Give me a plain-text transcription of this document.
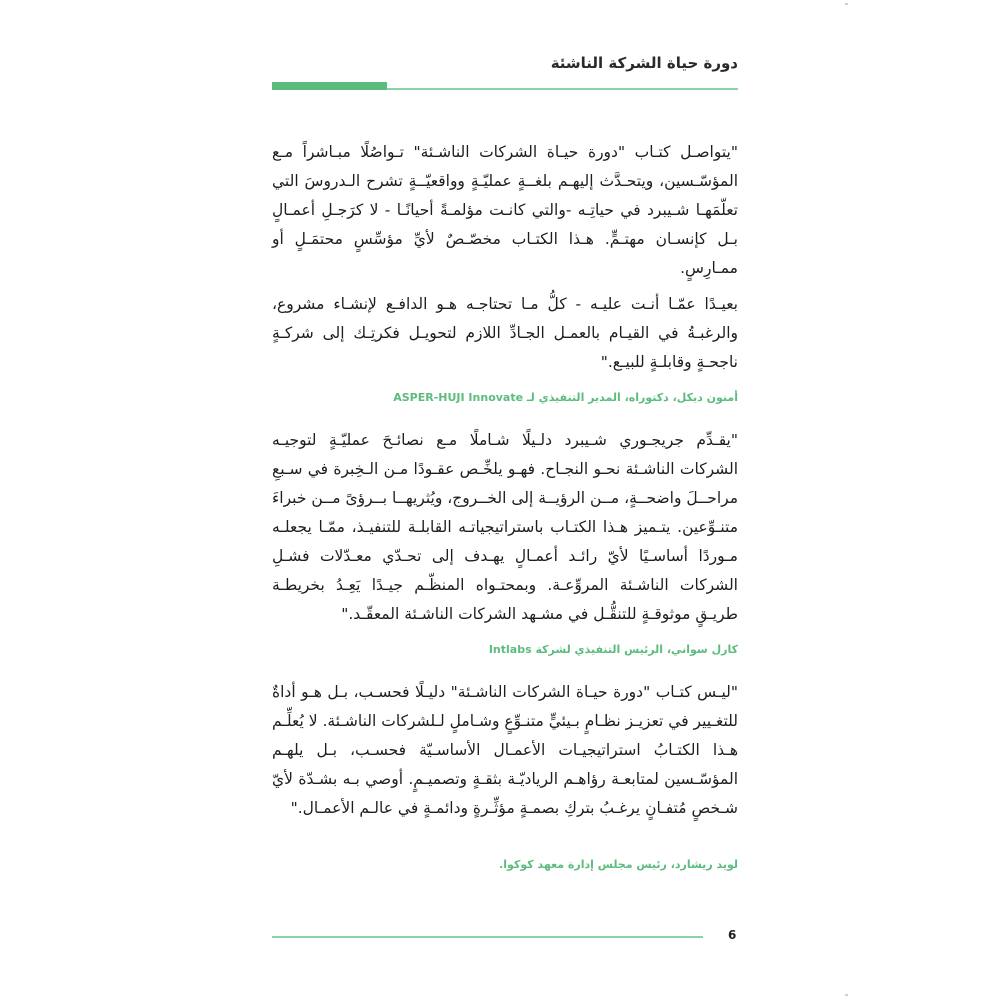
دورة حياة الشركة الناشئة

"يتواصـل كتـاب "دورة حيـاة الشركات الناشـئة" تـواصُلًا مبـاشراً مـع المؤسّـسين، ويتحـدَّث إليهـم بلغــةٍ عمليّـةٍ وواقعيّــةٍ تشرح الـدروسَ التي تعلّمَهـا شـيبرد في حياتِـه -والتي كانـت مؤلمـةً أحيانًـا - لا كرَجـلِ أعمـالٍ بـل كإنسـان مهتـمٍّ. هـذا الكتـاب مخصّـصٌ لأيِّ مؤسِّسٍ محتمَـلٍ أو ممـارِسٍ.

بعيـدًا عمّـا أنـت عليـه - كلُّ مـا تحتاجـه هـو الدافـع لإنشـاء مشروع، والرغبـةُ في القيـام بالعمـل الجـادِّ اللازم لتحويـل فكرتِـك إلى شركـةٍ ناجحـةٍ وقابلـةٍ للبيـع."

أمنون ديكل، دكتوراه، المدير التنفيذي لـ ASPER-HUJI Innovate

"يقـدِّم جريجـوري شـيبرد دلـيلًا شـاملًا مـع نصائـحَ عمليّـةٍ لتوجيـه الشركات الناشـئة نحـو النجـاح. فهـو يلخِّـص عقـودًا مـن الـخِبرة في سـبعِ مراحــلَ واضحــةٍ، مــن الرؤيــة إلى الخــروج، ويُثريهــا بــرؤىً مــن خبراءَ متنـوِّعين. يتـميز هـذا الكتـاب باستراتيجياتـه القابلـة للتنفيـذ، ممّـا يجعلـه مـوردًا أساسـيًا لأيّ رائـد أعمـالٍ يهـدف إلى تحـدّي معـدّلات فشـلِ الشركات الناشـئة المروِّعـة. وبمحتـواه المنظّـم جيـدًا يَعِـدُ بخريطـة طريـقٍ موثوقـةٍ للتنقُّـل في مشـهد الشركات الناشـئة المعقّـد."

كارل سواني، الرئيس التنفيذي لشركة Intlabs

"ليـس كتـاب "دورة حيـاة الشركات الناشـئة" دليـلًا فحسـب، بـل هـو أداةٌ للتغـيير في تعزيـز نظـامٍ بـيئيٍّ متنـوِّعٍ وشـاملٍ لـلشركات الناشـئة. لا يُعلِّـم هـذا الكتـابُ استراتيجيـات الأعمـال الأساسـيّة فحسـب، بـل يلهـم المؤسّـسين لمتابعـة رؤاهـم الرياديّـة بثقـةٍ وتصميـمٍ. أوصي بـه بشـدّة لأيّ شـخصٍ مُتفـانٍ يرغـبُ بتركِ بصمـةٍ مؤثِّـرةٍ ودائمـةٍ في عالـم الأعمـال."

لويد ريشارد، رئيس مجلس إدارة معهد كوكوا.

6
